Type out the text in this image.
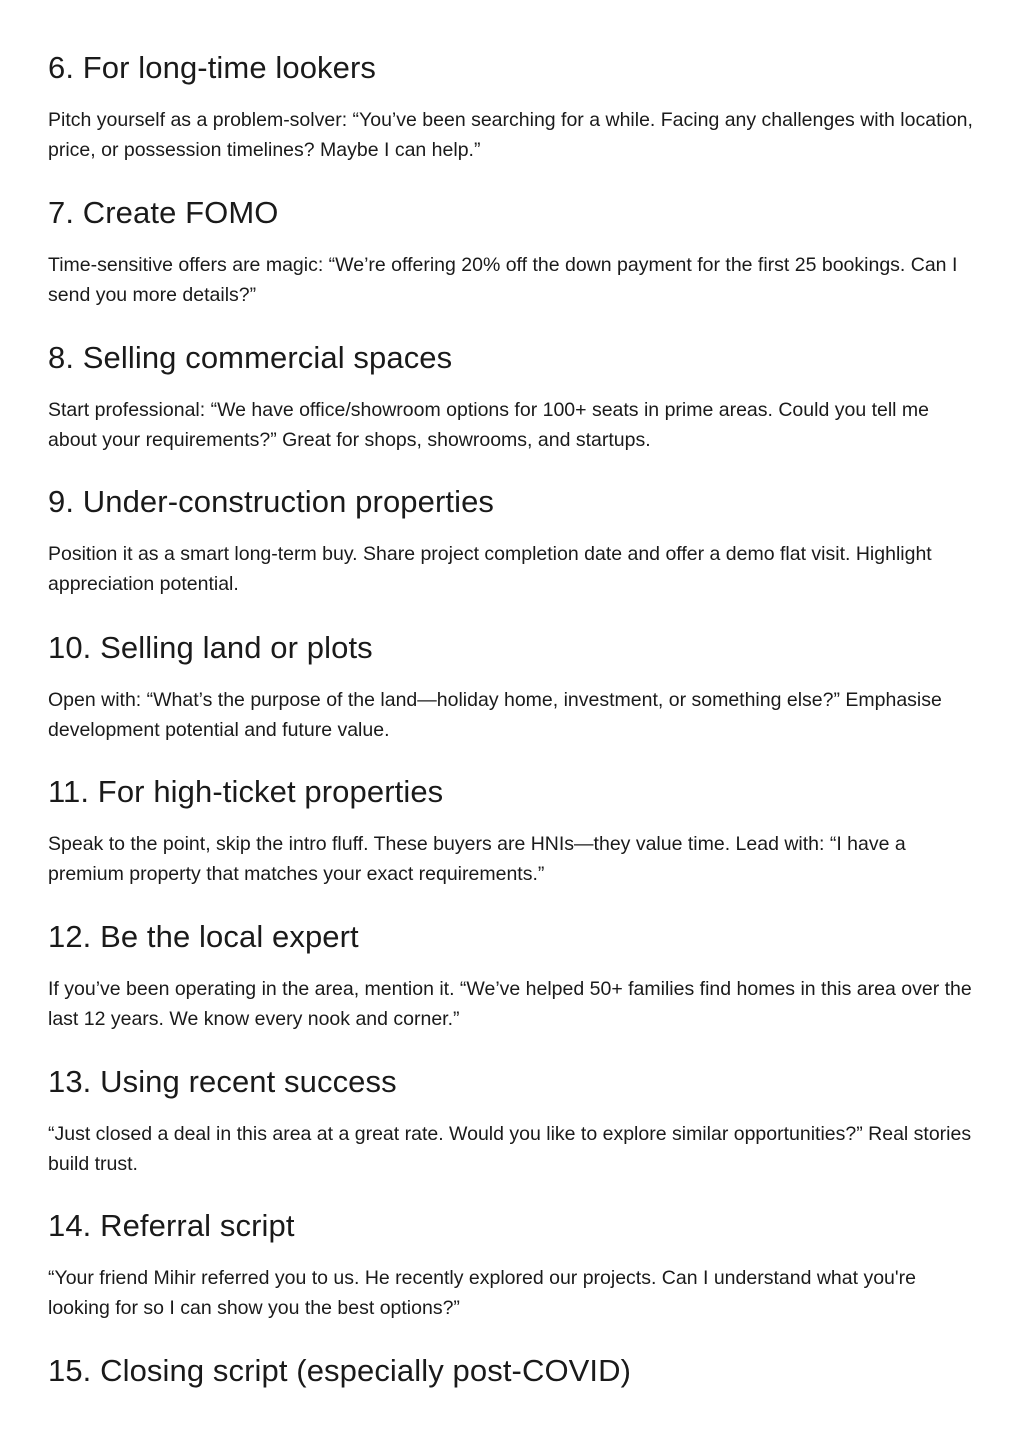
6. For long-time lookers

Pitch yourself as a problem-solver: “You’ve been searching for a while. Facing any challenges with location, price, or possession timelines? Maybe I can help.”

7. Create FOMO

Time-sensitive offers are magic: “We’re offering 20% off the down payment for the first 25 bookings. Can I send you more details?”

8. Selling commercial spaces

Start professional: “We have office/showroom options for 100+ seats in prime areas. Could you tell me about your requirements?” Great for shops, showrooms, and startups.

9. Under-construction properties

Position it as a smart long-term buy. Share project completion date and offer a demo flat visit. Highlight appreciation potential.

10. Selling land or plots

Open with: “What’s the purpose of the land—holiday home, investment, or something else?” Emphasise development potential and future value.

11. For high-ticket properties

Speak to the point, skip the intro fluff. These buyers are HNIs—they value time. Lead with: “I have a premium property that matches your exact requirements.”

12. Be the local expert

If you’ve been operating in the area, mention it. “We’ve helped 50+ families find homes in this area over the last 12 years. We know every nook and corner.”

13. Using recent success

“Just closed a deal in this area at a great rate. Would you like to explore similar opportunities?” Real stories build trust.

14. Referral script

“Your friend Mihir referred you to us. He recently explored our projects. Can I understand what you're looking for so I can show you the best options?”

15. Closing script (especially post-COVID)
